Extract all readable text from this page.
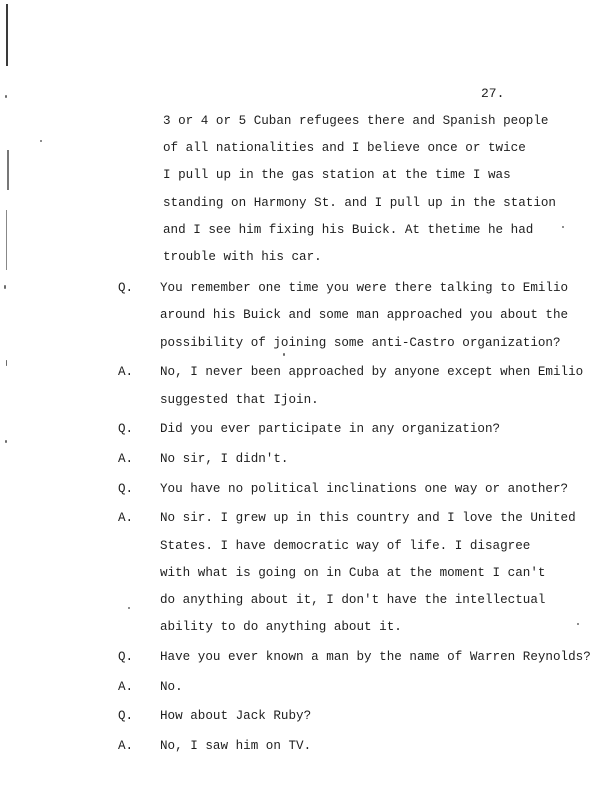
27.
3 or 4 or 5 Cuban refugees there and Spanish people
of all nationalities and I believe once or twice
I pull up in the gas station at the time I was
standing on Harmony St. and I pull up in the station
and I see him fixing his Buick. At thetime he had
trouble with his car.
Q. You remember one time you were there talking to Emilio
around his Buick and some man approached you about the
possibility of joining some anti-Castro organization?
A. No, I never been approached by anyone except when Emilio
suggested that Ijoin.
Q. Did you ever participate in any organization?
A. No sir, I didn't.
Q. You have no political inclinations one way or another?
A. No sir. I grew up in this country and I love the United
States. I have democratic way of life. I disagree
with what is going on in Cuba at the moment I can't
do anything about it, I don't have the intellectual
ability to do anything about it.
Q. Have you ever known a man by the name of Warren Reynolds?
A. No.
Q. How about Jack Ruby?
A. No, I saw him on TV.
